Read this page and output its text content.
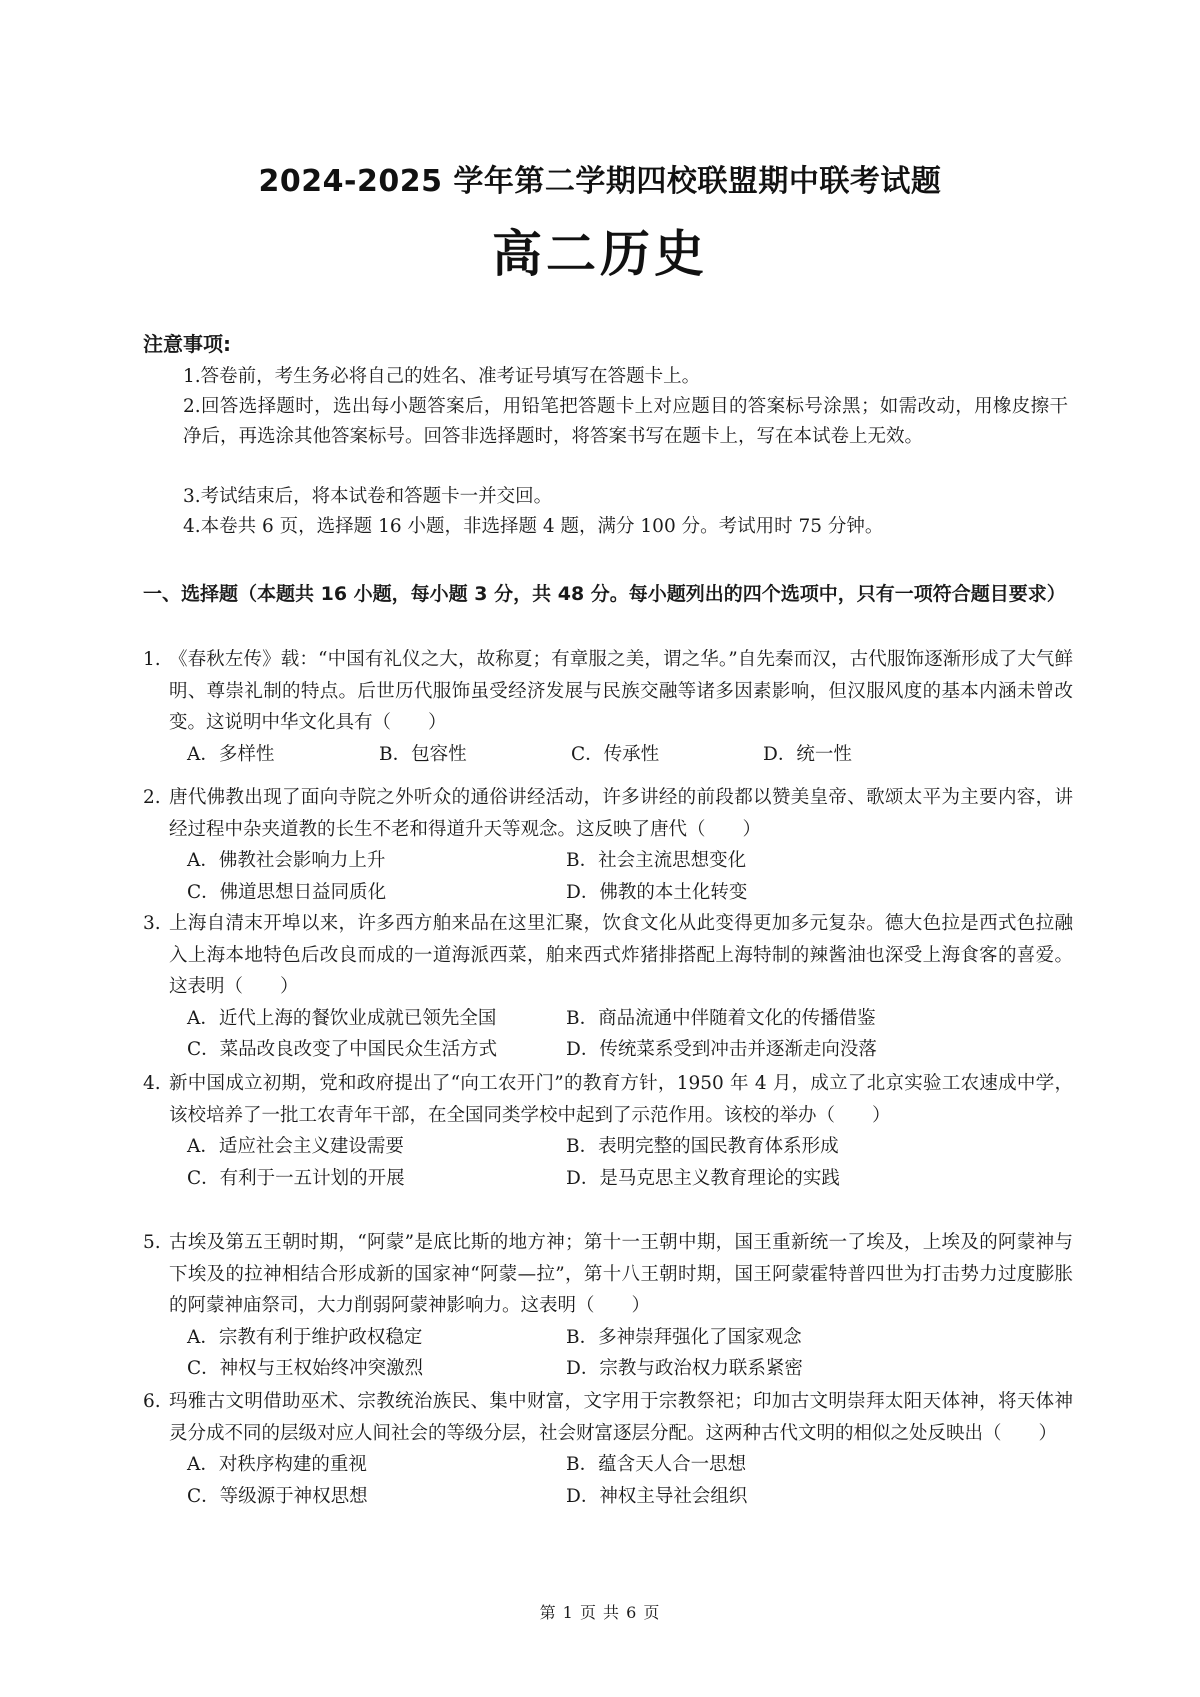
2024-2025 学年第二学期四校联盟期中联考试题
高二历史
注意事项:
1.答卷前，考生务必将自己的姓名、准考证号填写在答题卡上。
2.回答选择题时，选出每小题答案后，用铅笔把答题卡上对应题目的答案标号涂黑；如需改动，用橡皮擦干净后，再选涂其他答案标号。回答非选择题时，将答案书写在题卡上，写在本试卷上无效。
3.考试结束后，将本试卷和答题卡一并交回。
4.本卷共 6 页，选择题 16 小题，非选择题 4 题，满分 100 分。考试用时 75 分钟。
一、选择题（本题共 16 小题，每小题 3 分，共 48 分。每小题列出的四个选项中，只有一项符合题目要求）
1. 《春秋左传》载：“中国有礼仪之大，故称夏；有章服之美，谓之华。”自先秦而汉，古代服饰逐渐形成了大气鲜明、尊崇礼制的特点。后世历代服饰虽受经济发展与民族交融等诸多因素影响，但汉服风度的基本内涵未曾改变。这说明中华文化具有（　　）
A．多样性	B．包容性	C．传承性	D．统一性
2. 唐代佛教出现了面向寺院之外听众的通俗讲经活动，许多讲经的前段都以赞美皇帝、歌颂太平为主要内容，讲经过程中杂夹道教的长生不老和得道升天等观念。这反映了唐代（　　）
A．佛教社会影响力上升	B．社会主流思想变化
C．佛道思想日益同质化	D．佛教的本土化转变
3. 上海自清末开埠以来，许多西方舶来品在这里汇聚，饮食文化从此变得更加多元复杂。德大色拉是西式色拉融入上海本地特色后改良而成的一道海派西菜，舶来西式炸猪排搭配上海特制的辣酱油也深受上海食客的喜爱。这表明（　　）
A．近代上海的餐饮业成就已领先全国	B．商品流通中伴随着文化的传播借鉴
C．菜品改良改变了中国民众生活方式	D．传统菜系受到冲击并逐渐走向没落
4. 新中国成立初期，党和政府提出了“向工农开门”的教育方针，1950 年 4 月，成立了北京实验工农速成中学，该校培养了一批工农青年干部，在全国同类学校中起到了示范作用。该校的举办（　　）
A．适应社会主义建设需要	B．表明完整的国民教育体系形成
C．有利于一五计划的开展	D．是马克思主义教育理论的实践
5. 古埃及第五王朝时期，“阿蒙”是底比斯的地方神；第十一王朝中期，国王重新统一了埃及，上埃及的阿蒙神与下埃及的拉神相结合形成新的国家神“阿蒙—拉”，第十八王朝时期，国王阿蒙霍特普四世为打击势力过度膨胀的阿蒙神庙祭司，大力削弱阿蒙神影响力。这表明（　　）
A．宗教有利于维护政权稳定	B．多神崇拜强化了国家观念
C．神权与王权始终冲突激烈	D．宗教与政治权力联系紧密
6. 玛雅古文明借助巫术、宗教统治族民、集中财富，文字用于宗教祭祀；印加古文明崇拜太阳天体神，将天体神灵分成不同的层级对应人间社会的等级分层，社会财富逐层分配。这两种古代文明的相似之处反映出（　　）
A．对秩序构建的重视	B．蕴含天人合一思想
C．等级源于神权思想	D．神权主导社会组织
第 1 页 共 6 页
